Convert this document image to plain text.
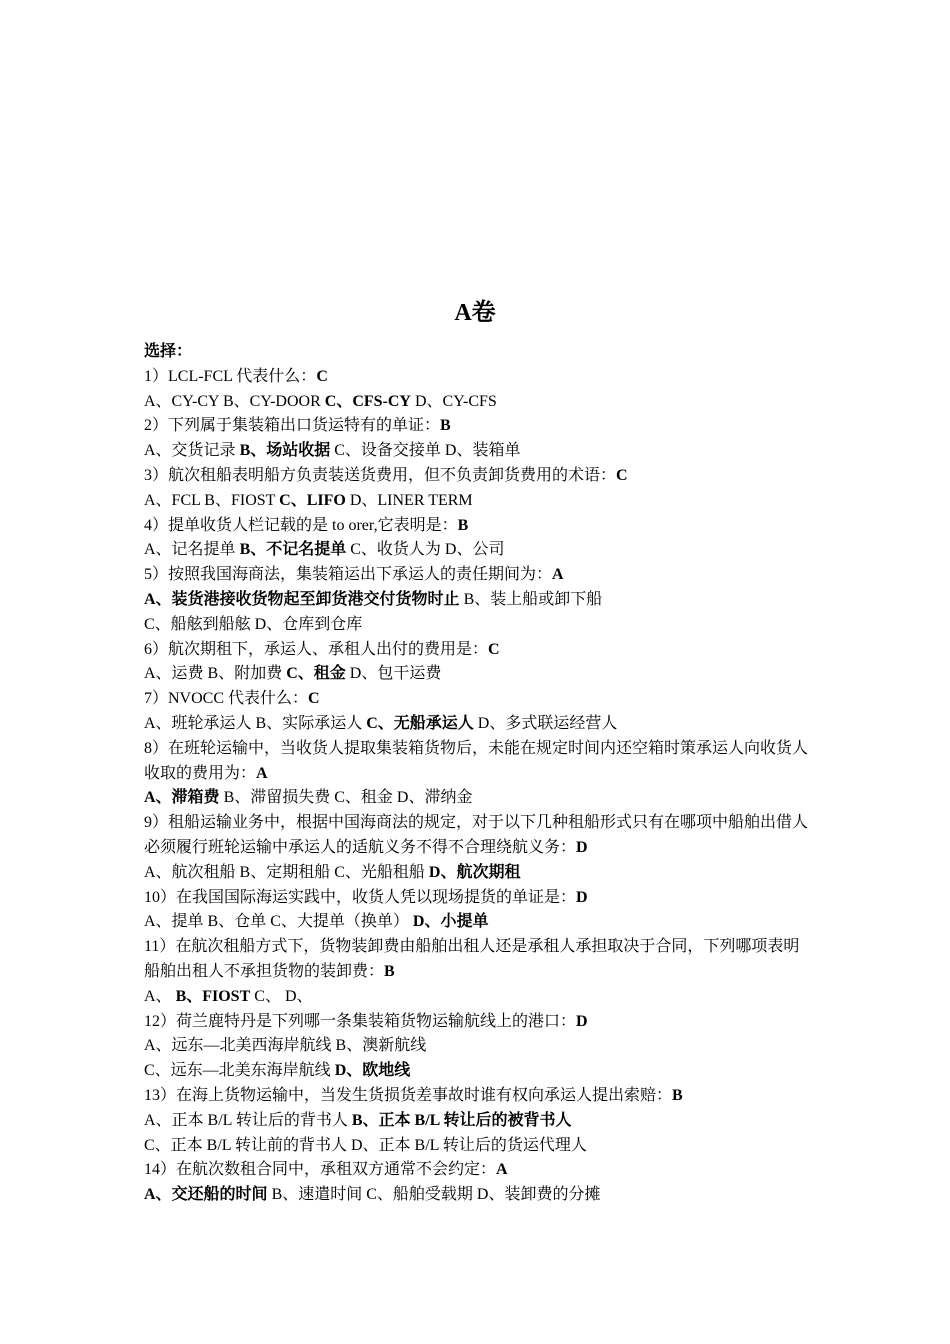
A卷
选择：
1）LCL-FCL 代表什么：C
A、CY-CY B、CY-DOOR C、CFS-CY D、CY-CFS
2）下列属于集装箱出口货运特有的单证：B
A、交货记录 B、场站收据 C、设备交接单 D、装箱单
3）航次租船表明船方负责装送货费用，但不负责卸货费用的术语：C
A、FCL B、FIOST C、LIFO D、LINER TERM
4）提单收货人栏记载的是 to orer,它表明是：B
A、记名提单 B、不记名提单 C、收货人为 D、公司
5）按照我国海商法，集装箱运出下承运人的责任期间为：A
A、装货港接收货物起至卸货港交付货物时止 B、装上船或卸下船
C、船舷到船舷 D、仓库到仓库
6）航次期租下，承运人、承租人出付的费用是：C
A、运费 B、附加费 C、租金 D、包干运费
7）NVOCC 代表什么：C
A、班轮承运人 B、实际承运人 C、无船承运人 D、多式联运经营人
8）在班轮运输中，当收货人提取集装箱货物后，未能在规定时间内还空箱时策承运人向收货人收取的费用为：A
A、滞箱费 B、滞留损失费 C、租金 D、滞纳金
9）租船运输业务中，根据中国海商法的规定，对于以下几种租船形式只有在哪项中船舶出借人必须履行班轮运输中承运人的适航义务不得不合理绕航义务：D
A、航次租船 B、定期租船 C、光船租船 D、航次期租
10）在我国国际海运实践中，收货人凭以现场提货的单证是：D
A、提单 B、仓单 C、大提单（换单） D、小提单
11）在航次租船方式下，货物装卸费由船舶出租人还是承租人承担取决于合同，下列哪项表明船舶出租人不承担货物的装卸费：B
A、 B、FIOST C、 D、
12）荷兰鹿特丹是下列哪一条集装箱货物运输航线上的港口：D
A、远东—北美西海岸航线 B、澳新航线
C、远东—北美东海岸航线 D、欧地线
13）在海上货物运输中，当发生货损货差事故时谁有权向承运人提出索赔：B
A、正本 B/L 转让后的背书人 B、正本 B/L 转让后的被背书人
C、正本 B/L 转让前的背书人 D、正本 B/L 转让后的货运代理人
14）在航次数租合同中，承租双方通常不会约定：A
A、交还船的时间 B、速遣时间 C、船舶受载期 D、装卸费的分摊
